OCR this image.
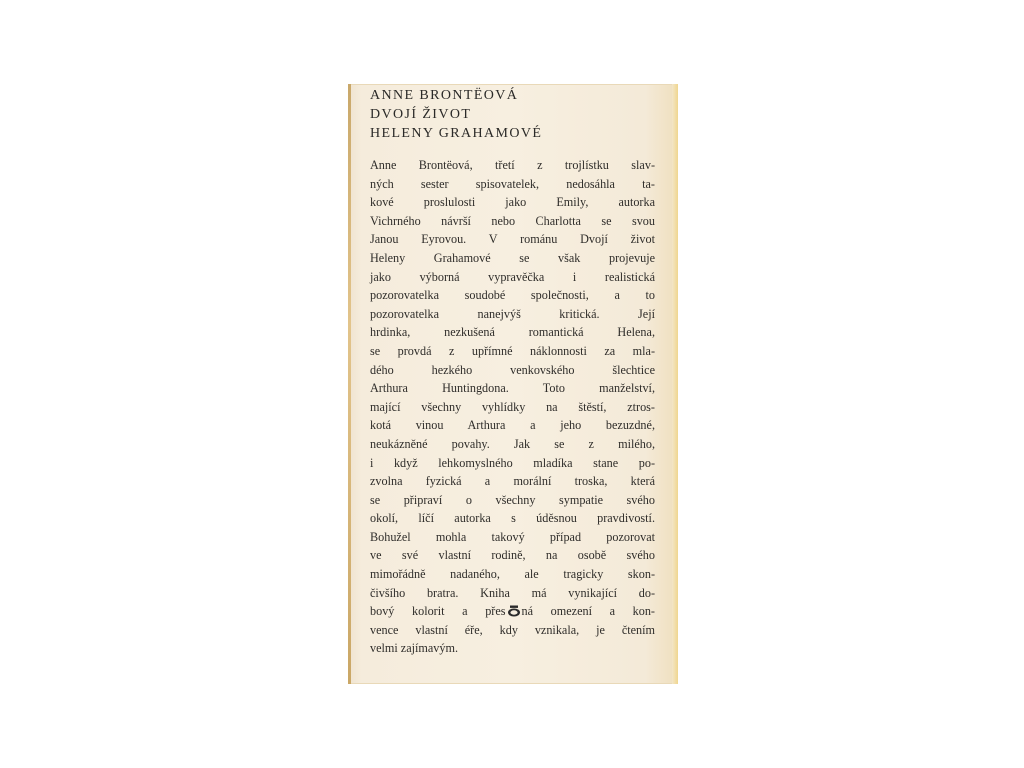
ANNE BRONTËOVÁ
DVOJÍ ŽIVOT
HELENY GRAHAMOVÉ
Anne Brontëová, třetí z trojlístku slav-
ných sester spisovatelek, nedosáhla ta-
kové proslulosti jako Emily, autorka
Vichrného návrší nebo Charlotta se svou
Janou Eyrovou. V románu Dvojí život
Heleny Grahamové se však projevuje
jako výborná vypravěčka i realistická
pozorovatelka soudobé společnosti, a to
pozorovatelka nanejvýš kritická. Její
hrdinka, nezkušená romantická Helena,
se provdá z upřímné náklonnosti za mla-
dého hezkého venkovského šlechtice
Arthura Huntingdona. Toto manželství,
mající všechny vyhlídky na štěstí, ztros-
kotá vinou Arthura a jeho bezuzdné,
neukázněné povahy. Jak se z milého,
i když lehkomyslného mladíka stane po-
zvolna fyzická a morální troska, která
se připraví o všechny sympatie svého
okolí, líčí autorka s úděsnou pravdivostí.
Bohužel mohla takový případ pozorovat
ve své vlastní rodině, na osobě svého
mimořádně nadaného, ale tragicky skon-
čivšího bratra. Kniha má vynikající do-
bový kolorit a přes ná omezení a kon-
vence vlastní éře, kdy vznikala, je čtením
velmi zajímavým.
